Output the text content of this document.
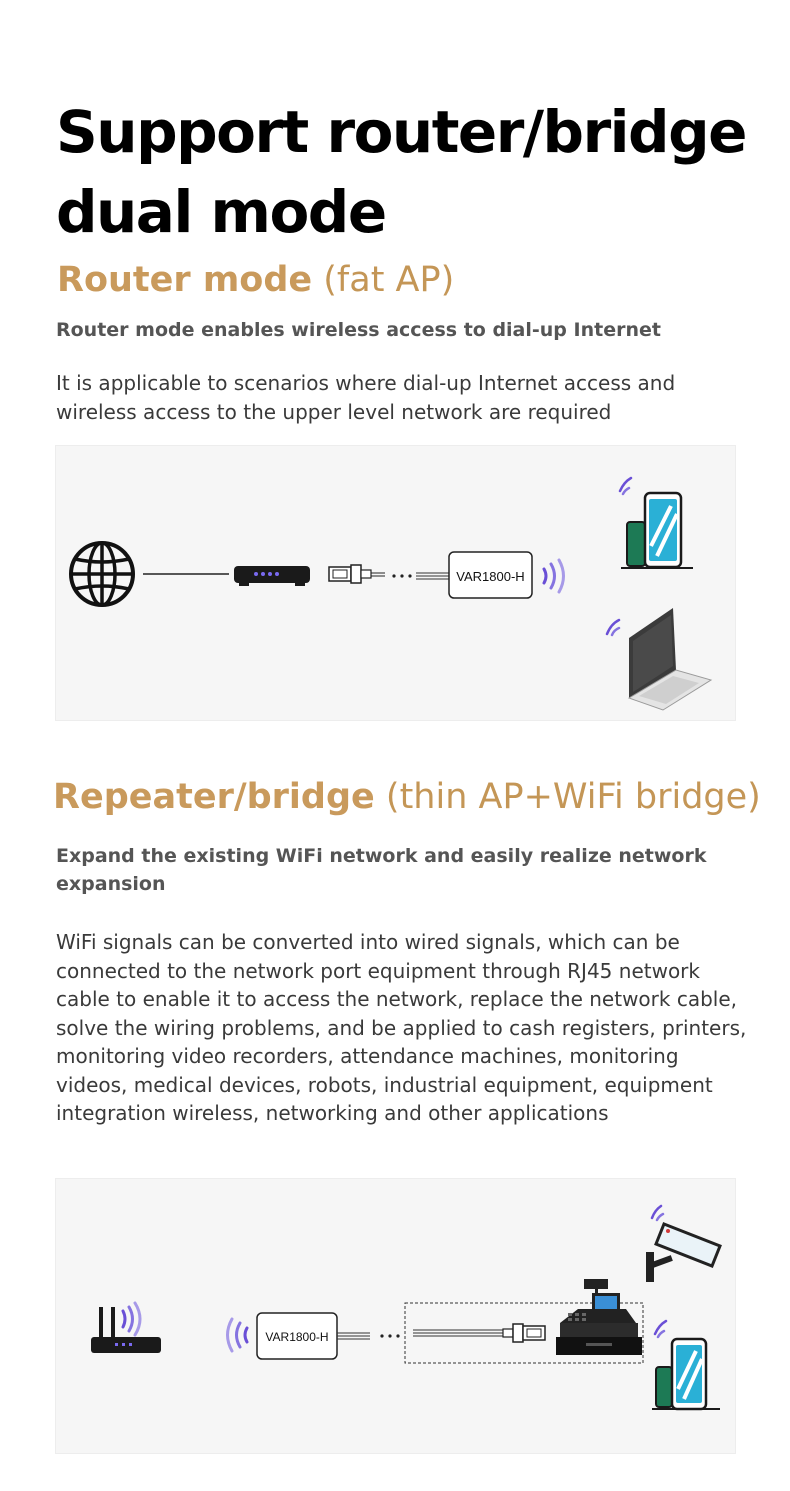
Support router/bridge dual mode
Router mode (fat AP)
Router mode enables wireless access to dial-up Internet
It is applicable to scenarios where dial-up Internet access and wireless access to the upper level network are required
VAR1800-H
Repeater/bridge (thin AP+WiFi bridge)
Expand the existing WiFi network and easily realize network expansion
WiFi signals can be converted into wired signals, which can be connected to the network port equipment through RJ45 network cable to enable it to access the network, replace the network cable, solve the wiring problems, and be applied to cash registers, printers, monitoring video recorders, attendance machines, monitoring videos, medical devices, robots, industrial equipment, equipment integration wireless, networking and other applications
VAR1800-H
